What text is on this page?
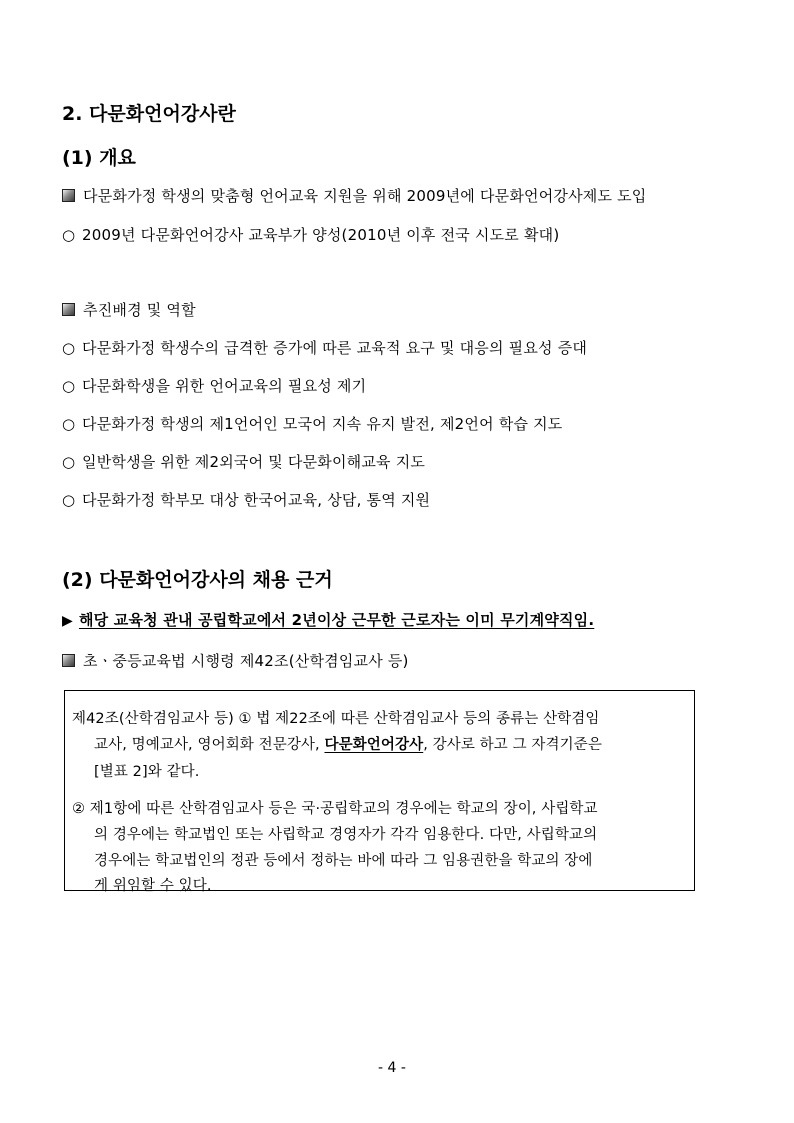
2. 다문화언어강사란
(1) 개요
다문화가정 학생의 맞춤형 언어교육 지원을 위해 2009년에 다문화언어강사제도 도입
○ 2009년 다문화언어강사 교육부가 양성(2010년 이후 전국 시도로 확대)
추진배경 및 역할
○ 다문화가정 학생수의 급격한 증가에 따른 교육적 요구 및 대응의 필요성 증대
○ 다문화학생을 위한 언어교육의 필요성 제기
○ 다문화가정 학생의 제1언어인 모국어 지속 유지 발전, 제2언어 학습 지도
○ 일반학생을 위한 제2외국어 및 다문화이해교육 지도
○ 다문화가정 학부모 대상 한국어교육, 상담, 통역 지원
(2) 다문화언어강사의 채용 근거
▶ 해당 교육청 관내 공립학교에서 2년이상 근무한 근로자는 이미 무기계약직임.
초ㆍ중등교육법 시행령 제42조(산학겸임교사 등)
제42조(산학겸임교사 등) ① 법 제22조에 따른 산학겸임교사 등의 종류는 산학겸임
교사, 명예교사, 영어회화 전문강사, 다문화언어강사, 강사로 하고 그 자격기준은
[별표 2]와 같다.
② 제1항에 따른 산학겸임교사 등은 국·공립학교의 경우에는 학교의 장이, 사립학교
의 경우에는 학교법인 또는 사립학교 경영자가 각각 임용한다. 다만, 사립학교의
경우에는 학교법인의 정관 등에서 정하는 바에 따라 그 임용권한을 학교의 장에
게 위임할 수 있다.
- 4 -
